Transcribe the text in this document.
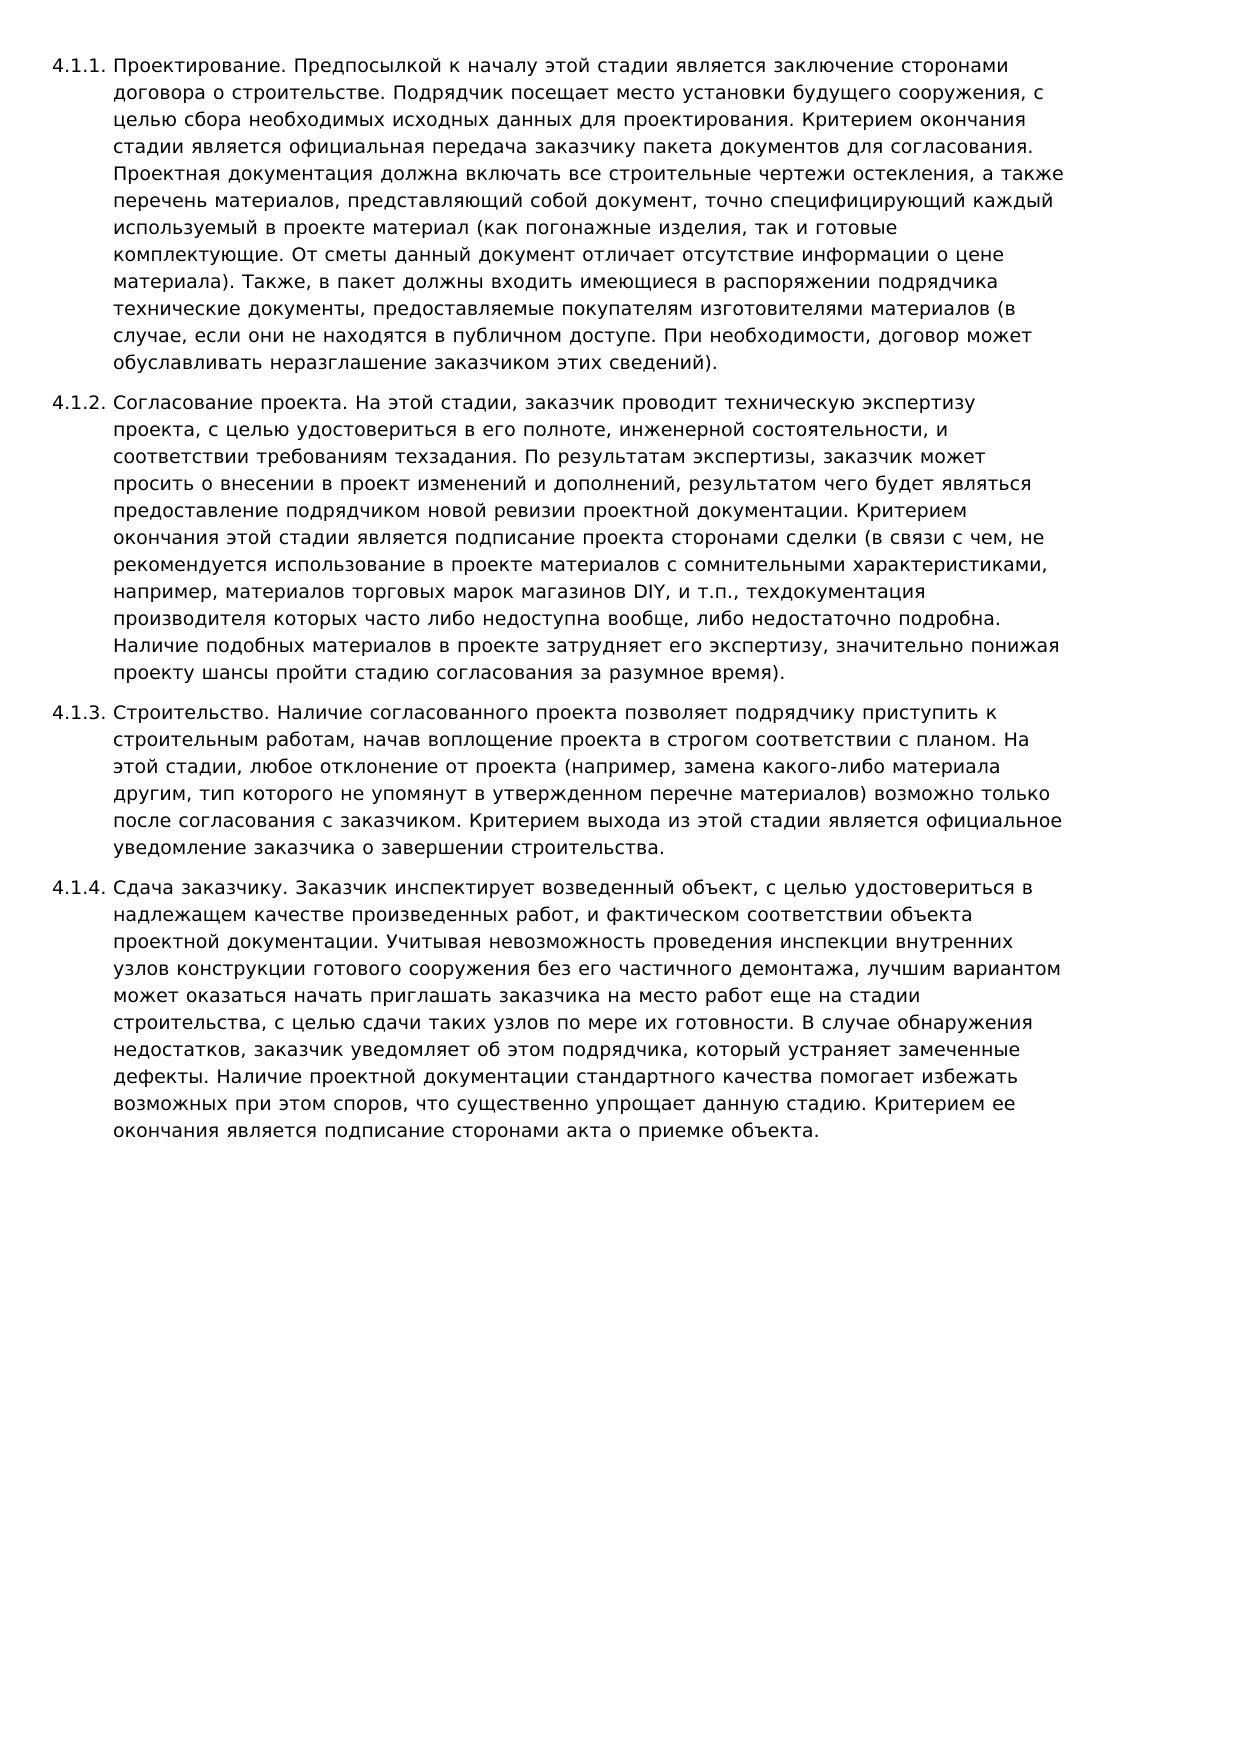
4.1.1. Проектирование. Предпосылкой к началу этой стадии является заключение сторонами договора о строительстве. Подрядчик посещает место установки будущего сооружения, с целью сбора необходимых исходных данных для проектирования. Критерием окончания стадии является официальная передача заказчику пакета документов для согласования. Проектная документация должна включать все строительные чертежи остекления, а также перечень материалов, представляющий собой документ, точно специфицирующий каждый используемый в проекте материал (как погонажные изделия, так и готовые комплектующие. От сметы данный документ отличает отсутствие информации о цене материала). Также, в пакет должны входить имеющиеся в распоряжении подрядчика технические документы, предоставляемые покупателям изготовителями материалов (в случае, если они не находятся в публичном доступе. При необходимости, договор может обуславливать неразглашение заказчиком этих сведений).
4.1.2. Согласование проекта. На этой стадии, заказчик проводит техническую экспертизу проекта, с целью удостовериться в его полноте, инженерной состоятельности, и соответствии требованиям техзадания. По результатам экспертизы, заказчик может просить о внесении в проект изменений и дополнений, результатом чего будет являться предоставление подрядчиком новой ревизии проектной документации. Критерием окончания этой стадии является подписание проекта сторонами сделки (в связи с чем, не рекомендуется использование в проекте материалов с сомнительными характеристиками, например, материалов торговых марок магазинов DIY, и т.п., техдокументация производителя которых часто либо недоступна вообще, либо недостаточно подробна. Наличие подобных материалов в проекте затрудняет его экспертизу, значительно понижая проекту шансы пройти стадию согласования за разумное время).
4.1.3. Строительство. Наличие согласованного проекта позволяет подрядчику приступить к строительным работам, начав воплощение проекта в строгом соответствии с планом. На этой стадии, любое отклонение от проекта (например, замена какого-либо материала другим, тип которого не упомянут в утвержденном перечне материалов) возможно только после согласования с заказчиком. Критерием выхода из этой стадии является официальное уведомление заказчика о завершении строительства.
4.1.4. Сдача заказчику. Заказчик инспектирует возведенный объект, с целью удостовериться в надлежащем качестве произведенных работ, и фактическом соответствии объекта проектной документации. Учитывая невозможность проведения инспекции внутренних узлов конструкции готового сооружения без его частичного демонтажа, лучшим вариантом может оказаться начать приглашать заказчика на место работ еще на стадии строительства, с целью сдачи таких узлов по мере их готовности. В случае обнаружения недостатков, заказчик уведомляет об этом подрядчика, который устраняет замеченные дефекты. Наличие проектной документации стандартного качества помогает избежать возможных при этом споров, что существенно упрощает данную стадию. Критерием ее окончания является подписание сторонами акта о приемке объекта.
